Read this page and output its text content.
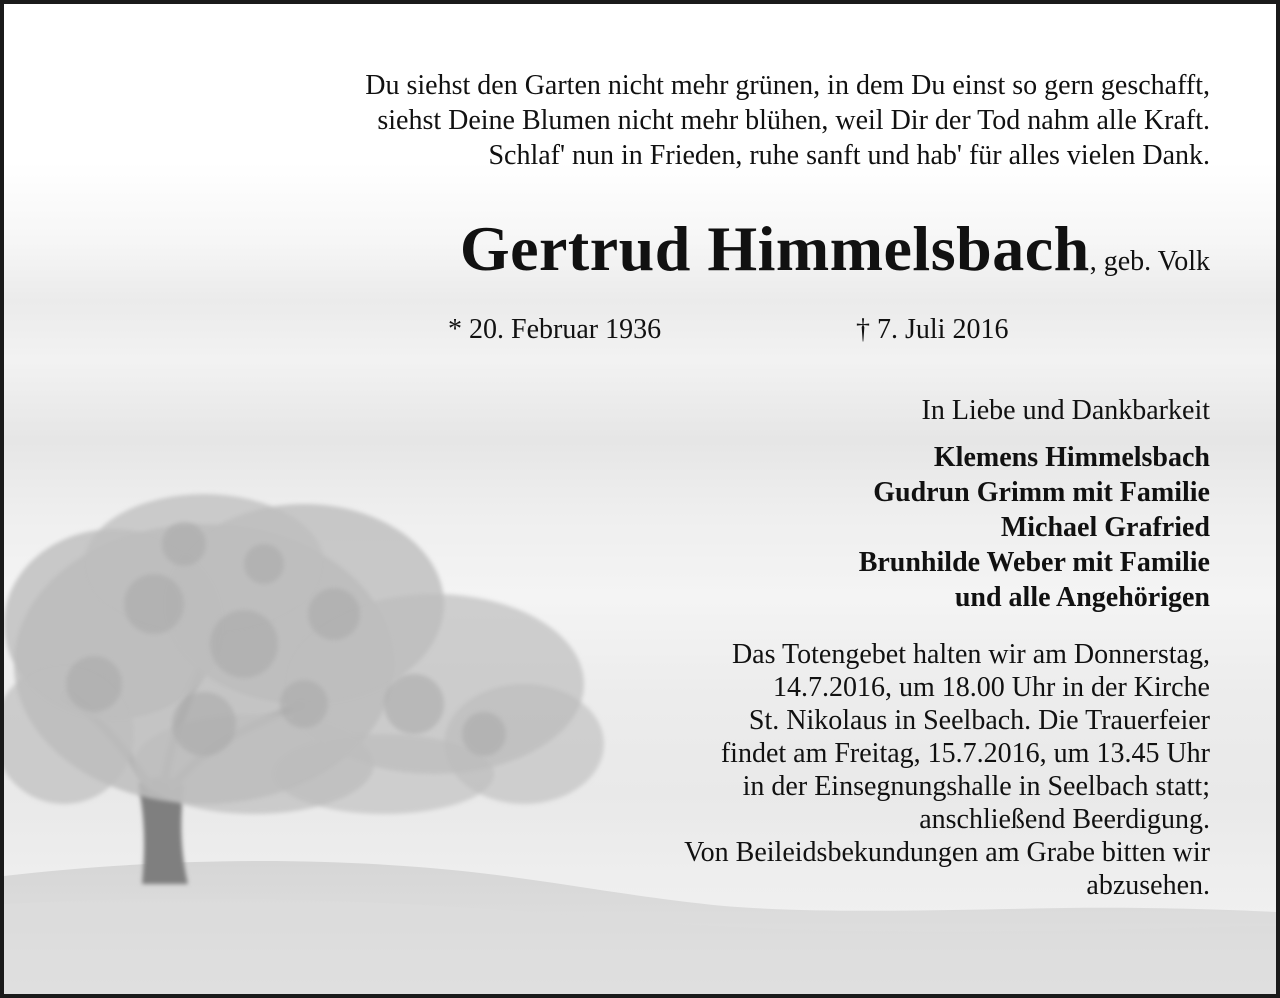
Du siehst den Garten nicht mehr grünen, in dem Du einst so gern geschafft,
siehst Deine Blumen nicht mehr blühen, weil Dir der Tod nahm alle Kraft.
Schlaf' nun in Frieden, ruhe sanft und hab' für alles vielen Dank.
Gertrud Himmelsbach, geb. Volk
* 20. Februar 1936	† 7. Juli 2016
In Liebe und Dankbarkeit
Klemens Himmelsbach
Gudrun Grimm mit Familie
Michael Grafried
Brunhilde Weber mit Familie
und alle Angehörigen
Das Totengebet halten wir am Donnerstag,
14.7.2016, um 18.00 Uhr in der Kirche
St. Nikolaus in Seelbach. Die Trauerfeier
findet am Freitag, 15.7.2016, um 13.45 Uhr
in der Einsegnungshalle in Seelbach statt;
anschließend Beerdigung.
Von Beileidsbekundungen am Grabe bitten wir
abzusehen.
